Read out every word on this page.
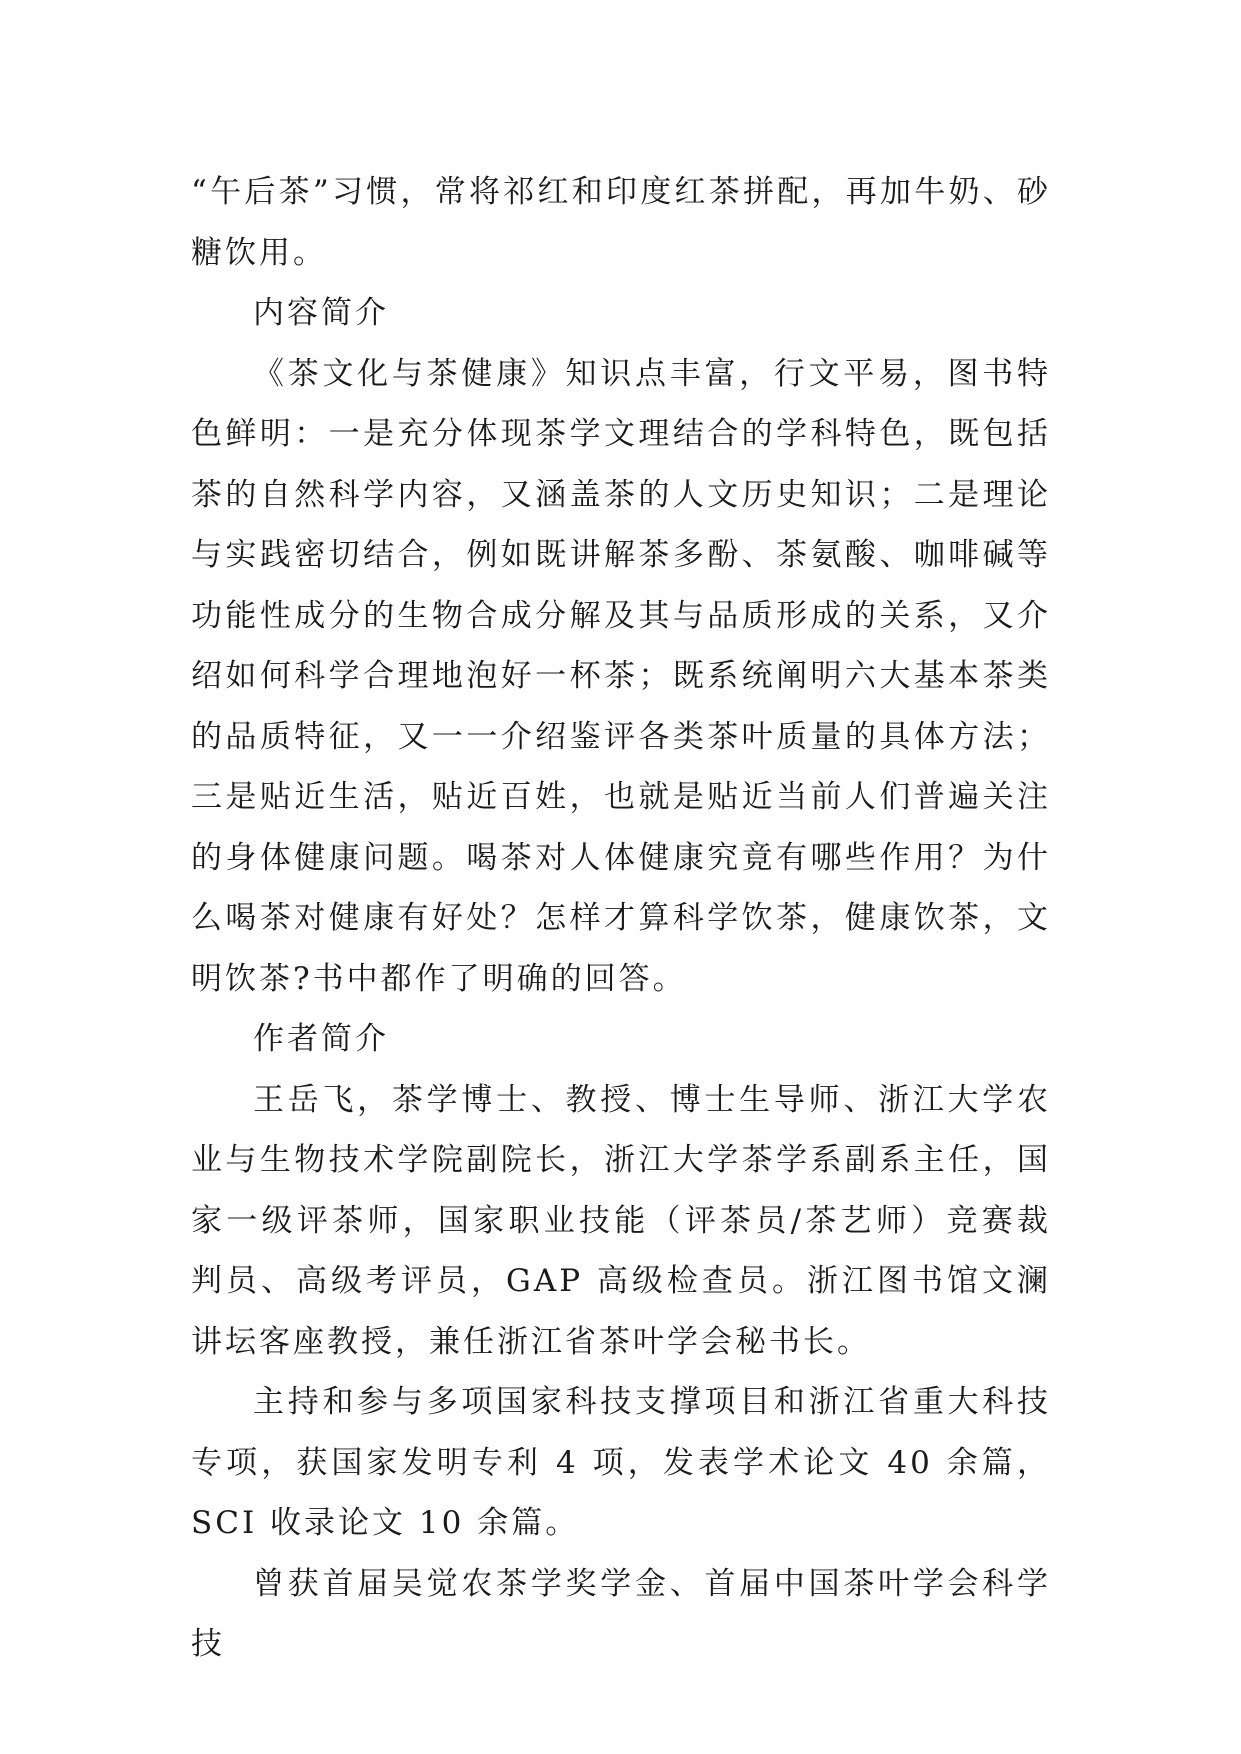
“午后茶”习惯，常将祁红和印度红茶拼配，再加牛奶、砂糖饮用。

内容简介

《茶文化与茶健康》知识点丰富，行文平易，图书特色鲜明：一是充分体现茶学文理结合的学科特色，既包括茶的自然科学内容，又涵盖茶的人文历史知识；二是理论与实践密切结合，例如既讲解茶多酚、茶氨酸、咖啡碱等功能性成分的生物合成分解及其与品质形成的关系，又介绍如何科学合理地泡好一杯茶；既系统阐明六大基本茶类的品质特征，又一一介绍鉴评各类茶叶质量的具体方法；三是贴近生活，贴近百姓，也就是贴近当前人们普遍关注的身体健康问题。喝茶对人体健康究竟有哪些作用？为什么喝茶对健康有好处？怎样才算科学饮茶，健康饮茶，文明饮茶?书中都作了明确的回答。

作者简介

王岳飞，茶学博士、教授、博士生导师、浙江大学农业与生物技术学院副院长，浙江大学茶学系副系主任，国家一级评茶师，国家职业技能（评茶员/茶艺师）竞赛裁判员、高级考评员，GAP 高级检查员。浙江图书馆文澜讲坛客座教授，兼任浙江省茶叶学会秘书长。

主持和参与多项国家科技支撑项目和浙江省重大科技专项，获国家发明专利 4 项，发表学术论文 40 余篇，SCI 收录论文 10 余篇。

曾获首届吴觉农茶学奖学金、首届中国茶叶学会科学技
